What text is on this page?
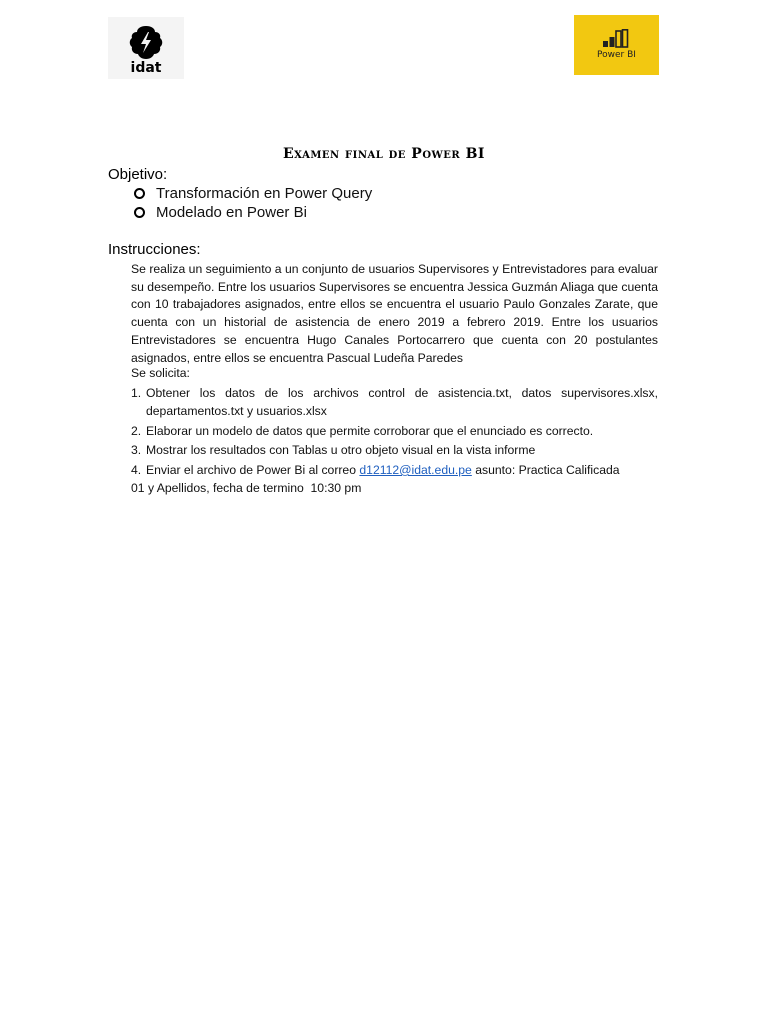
idat
Power BI
Examen final de Power BI
Objetivo:
Transformación en Power Query
Modelado en Power Bi
Instrucciones:
Se realiza un seguimiento a un conjunto de usuarios Supervisores y Entrevistadores para evaluar su desempeño. Entre los usuarios Supervisores se encuentra Jessica Guzmán Aliaga que cuenta con 10 trabajadores asignados, entre ellos se encuentra el usuario Paulo Gonzales Zarate, que cuenta con un historial de asistencia de enero 2019 a febrero 2019. Entre los usuarios Entrevistadores se encuentra Hugo Canales Portocarrero que cuenta con 20 postulantes asignados, entre ellos se encuentra Pascual Ludeña Paredes
Se solicita:
1. Obtener los datos de los archivos control de asistencia.txt, datos supervisores.xlsx, departamentos.txt y usuarios.xlsx
2. Elaborar un modelo de datos que permite corroborar que el enunciado es correcto.
3. Mostrar los resultados con Tablas u otro objeto visual en la vista informe
4. Enviar el archivo de Power Bi al correo d12112@idat.edu.pe asunto: Practica Calificada
01 y Apellidos, fecha de termino  10:30 pm
